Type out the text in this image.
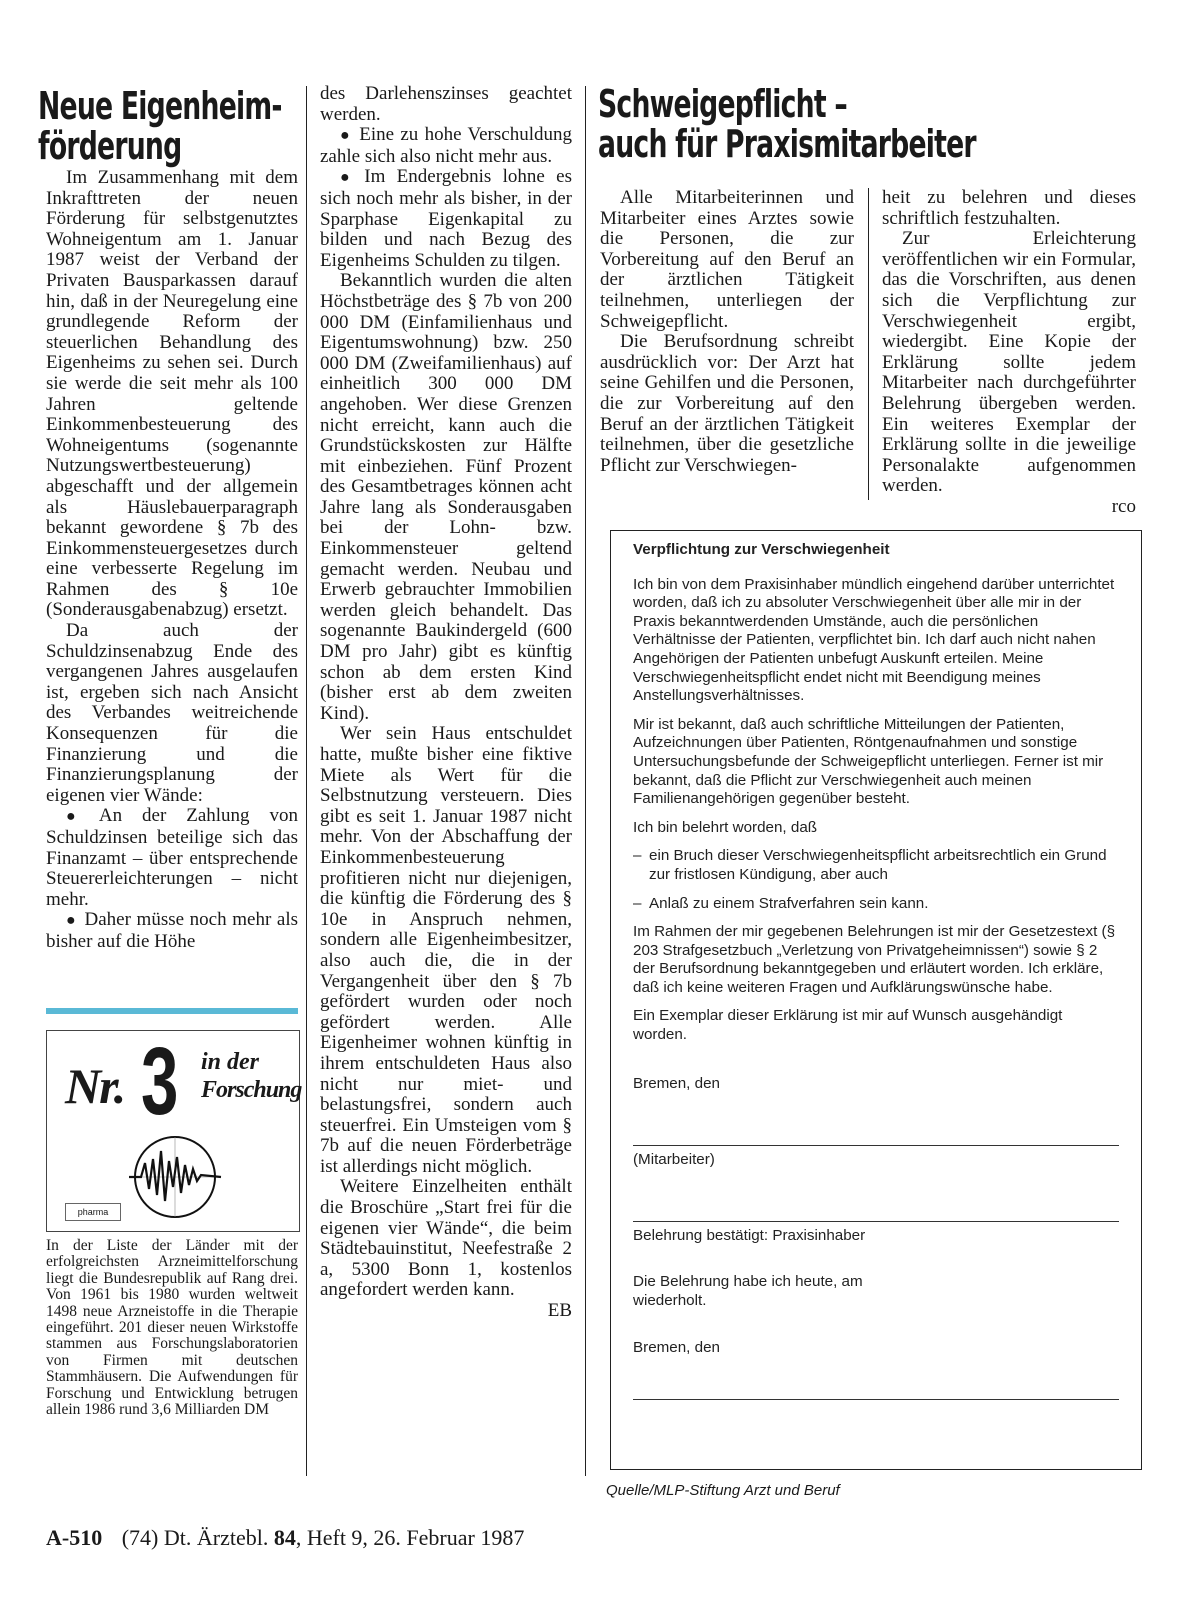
Neue Eigenheim-
förderung

Im Zusammenhang mit dem Inkrafttreten der neuen Förderung für selbstgenutztes Wohneigentum am 1. Januar 1987 weist der Verband der Privaten Bausparkassen darauf hin, daß in der Neuregelung eine grundlegende Reform der steuerlichen Behandlung des Eigenheims zu sehen sei. Durch sie werde die seit mehr als 100 Jahren geltende Einkommenbesteuerung des Wohneigentums (sogenannte Nutzungswertbesteuerung) abgeschafft und der allgemein als Häuslebauerparagraph bekannt gewordene § 7b des Einkommensteuergesetzes durch eine verbesserte Regelung im Rahmen des § 10e (Sonderausgabenabzug) ersetzt.

Da auch der Schuldzinsenabzug Ende des vergangenen Jahres ausgelaufen ist, ergeben sich nach Ansicht des Verbandes weitreichende Konsequenzen für die Finanzierung und die Finanzierungsplanung der eigenen vier Wände:

● An der Zahlung von Schuldzinsen beteilige sich das Finanzamt – über entsprechende Steuererleichterungen – nicht mehr.

● Daher müsse noch mehr als bisher auf die Höhe

Nr. 3 in der
Forschung
pharma
In der Liste der Länder mit der erfolgreichsten Arzneimittelforschung liegt die Bundesrepublik auf Rang drei. Von 1961 bis 1980 wurden weltweit 1498 neue Arzneistoffe in die Therapie eingeführt. 201 dieser neuen Wirkstoffe stammen aus Forschungslaboratorien von Firmen mit deutschen Stammhäusern. Die Aufwendungen für Forschung und Entwicklung betrugen allein 1986 rund 3,6 Milliarden DM

des Darlehenszinses geachtet werden.

● Eine zu hohe Verschuldung zahle sich also nicht mehr aus.

● Im Endergebnis lohne es sich noch mehr als bisher, in der Sparphase Eigenkapital zu bilden und nach Bezug des Eigenheims Schulden zu tilgen.

Bekanntlich wurden die alten Höchstbeträge des § 7b von 200 000 DM (Einfamilienhaus und Eigentumswohnung) bzw. 250 000 DM (Zweifamilienhaus) auf einheitlich 300 000 DM angehoben. Wer diese Grenzen nicht erreicht, kann auch die Grundstückskosten zur Hälfte mit einbeziehen. Fünf Prozent des Gesamtbetrages können acht Jahre lang als Sonderausgaben bei der Lohn- bzw. Einkommensteuer geltend gemacht werden. Neubau und Erwerb gebrauchter Immobilien werden gleich behandelt. Das sogenannte Baukindergeld (600 DM pro Jahr) gibt es künftig schon ab dem ersten Kind (bisher erst ab dem zweiten Kind).

Wer sein Haus entschuldet hatte, mußte bisher eine fiktive Miete als Wert für die Selbstnutzung versteuern. Dies gibt es seit 1. Januar 1987 nicht mehr. Von der Abschaffung der Einkommenbesteuerung profitieren nicht nur diejenigen, die künftig die Förderung des § 10e in Anspruch nehmen, sondern alle Eigenheimbesitzer, also auch die, die in der Vergangenheit über den § 7b gefördert wurden oder noch gefördert werden. Alle Eigenheimer wohnen künftig in ihrem entschuldeten Haus also nicht nur miet- und belastungsfrei, sondern auch steuerfrei. Ein Umsteigen vom § 7b auf die neuen Förderbeträge ist allerdings nicht möglich.

Weitere Einzelheiten enthält die Broschüre „Start frei für die eigenen vier Wände“, die beim Städtebauinstitut, Neefestraße 2 a, 5300 Bonn 1, kostenlos angefordert werden kann.

EB

Schweigepflicht –
auch für Praxismitarbeiter

Alle Mitarbeiterinnen und Mitarbeiter eines Arztes sowie die Personen, die zur Vorbereitung auf den Beruf an der ärztlichen Tätigkeit teilnehmen, unterliegen der Schweigepflicht.

Die Berufsordnung schreibt ausdrücklich vor: Der Arzt hat seine Gehilfen und die Personen, die zur Vorbereitung auf den Beruf an der ärztlichen Tätigkeit teilnehmen, über die gesetzliche Pflicht zur Verschwiegen-

heit zu belehren und dieses schriftlich festzuhalten.

Zur Erleichterung veröffentlichen wir ein Formular, das die Vorschriften, aus denen sich die Verpflichtung zur Verschwiegenheit ergibt, wiedergibt. Eine Kopie der Erklärung sollte jedem Mitarbeiter nach durchgeführter Belehrung übergeben werden. Ein weiteres Exemplar der Erklärung sollte in die jeweilige Personalakte aufgenommen werden.

rco

Verpflichtung zur Verschwiegenheit

Ich bin von dem Praxisinhaber mündlich eingehend darüber unterrichtet worden, daß ich zu absoluter Verschwiegenheit über alle mir in der Praxis bekanntwerdenden Umstände, auch die persönlichen Verhältnisse der Patienten, verpflichtet bin. Ich darf auch nicht nahen Angehörigen der Patienten unbefugt Auskunft erteilen. Meine Verschwiegenheitspflicht endet nicht mit Beendigung meines Anstellungsverhältnisses.

Mir ist bekannt, daß auch schriftliche Mitteilungen der Patienten, Aufzeichnungen über Patienten, Röntgenaufnahmen und sonstige Untersuchungsbefunde der Schweigepflicht unterliegen. Ferner ist mir bekannt, daß die Pflicht zur Verschwiegenheit auch meinen Familienangehörigen gegenüber besteht.

Ich bin belehrt worden, daß

– ein Bruch dieser Verschwiegenheitspflicht arbeitsrechtlich ein Grund zur fristlosen Kündigung, aber auch

– Anlaß zu einem Strafverfahren sein kann.

Im Rahmen der mir gegebenen Belehrungen ist mir der Gesetzestext (§ 203 Strafgesetzbuch „Verletzung von Privatgeheimnissen“) sowie § 2 der Berufsordnung bekanntgegeben und erläutert worden. Ich erkläre, daß ich keine weiteren Fragen und Aufklärungswünsche habe.

Ein Exemplar dieser Erklärung ist mir auf Wunsch ausgehändigt worden.

Bremen, den
(Mitarbeiter)
Belehrung bestätigt: Praxisinhaber
Die Belehrung habe ich heute, am wiederholt.
Bremen, den
Quelle/MLP-Stiftung Arzt und Beruf
A-510 (74) Dt. Ärztebl. 84, Heft 9, 26. Februar 1987
